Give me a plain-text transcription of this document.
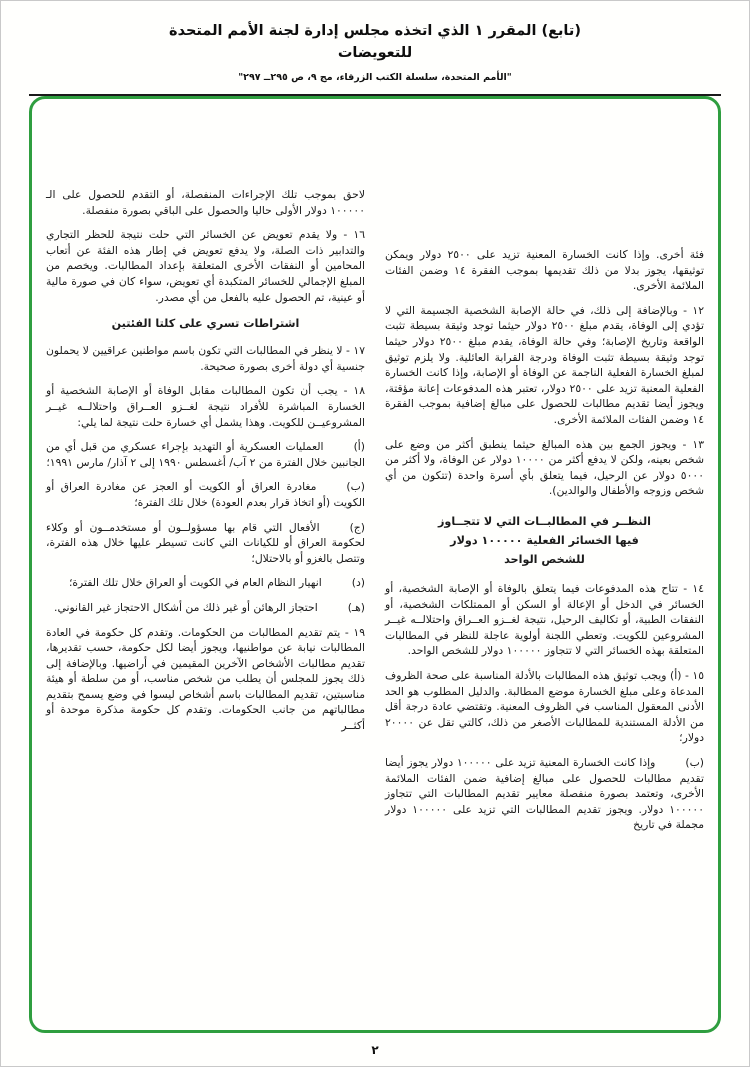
(تابع) المقرر ١ الذي اتخذه مجلس إدارة لجنة الأمم المتحدة للتعويضات
"الأمم المتحدة، سلسلة الكتب الزرقاء، مج ٩، ص ٢٩٥ــ ٢٩٧"

فئة أخرى. وإذا كانت الخسارة المعنية تزيد على ٢٥٠٠ دولار ويمكن توثيقها، يجوز بدلا من ذلك تقديمها بموجب الفقرة ١٤ وضمن الفئات الملائمة الأخرى.

١٢ - وبالإضافة إلى ذلك، في حالة الإصابة الشخصية الجسيمة التي لا تؤدي إلى الوفاة، يقدم مبلغ ٢٥٠٠ دولار حيثما توجد وثيقة بسيطة تثبت الواقعة وتاريخ الإصابة؛ وفي حالة الوفاة، يقدم مبلغ ٢٥٠٠ دولار حيثما توجد وثيقة بسيطة تثبت الوفاة ودرجة القرابة العائلية. ولا يلزم توثيق لمبلغ الخسارة الفعلية الناجمة عن الوفاة أو الإصابة، وإذا كانت الخسارة الفعلية المعنية تزيد على ٢٥٠٠ دولار، تعتبر هذه المدفوعات إعانة مؤقتة، ويجوز أيضا تقديم مطالبات للحصول على مبالغ إضافية بموجب الفقرة ١٤ وضمن الفئات الملائمة الأخرى.

١٣ - ويجوز الجمع بين هذه المبالغ حيثما ينطبق أكثر من وضع على شخص بعينه، ولكن لا يدفع أكثر من ١٠٠٠٠ دولار عن الوفاة، ولا أكثر من ٥٠٠٠ دولار عن الرحيل، فيما يتعلق بأي أسرة واحدة (تتكون من أي شخص وزوجه والأطفال والوالدين).

النظــر في المطالبــات التي لا تتجــاوز فيها الخسائر الفعلية ١٠٠٠٠٠ دولار للشخص الواحد

١٤ - تتاح هذه المدفوعات فيما يتعلق بالوفاة أو الإصابة الشخصية، أو الخسائر في الدخل أو الإعالة أو السكن أو الممتلكات الشخصية، أو النفقات الطبية، أو تكاليف الرحيل، نتيجة لغــزو العــراق واحتلالــه غيــر المشروعين للكويت. وتعطي اللجنة أولوية عاجلة للنظر في المطالبات المتعلقة بهذه الخسائر التي لا تتجاوز ١٠٠٠٠٠ دولار للشخص الواحد.

١٥ - (أ) ويجب توثيق هذه المطالبات بالأدلة المناسبة على صحة الظروف المدعاة وعلى مبلغ الخسارة موضع المطالبة. والدليل المطلوب هو الحد الأدنى المعقول المناسب في الظروف المعنية. وتقتضي عادة درجة أقل من الأدلة المستندية للمطالبات الأصغر من ذلك، كالتي تقل عن ٢٠٠٠٠ دولار؛

(ب)وإذا كانت الخسارة المعنية تزيد على ١٠٠٠٠٠ دولار يجوز أيضا تقديم مطالبات للحصول على مبالغ إضافية ضمن الفئات الملائمة الأخرى، وتعتمد بصورة منفصلة معايير تقديم المطالبات التي تتجاوز ١٠٠٠٠٠ دولار. ويجوز تقديم المطالبات التي تزيد على ١٠٠٠٠٠ دولار مجملة في تاريخ

لاحق بموجب تلك الإجراءات المنفصلة، أو التقدم للحصول على الـ ١٠٠٠٠٠ دولار الأولى حاليا والحصول على الباقي بصورة منفصلة.

١٦ - ولا يقدم تعويض عن الخسائر التي حلت نتيجة للحظر التجاري والتدابير ذات الصلة، ولا يدفع تعويض في إطار هذه الفئة عن أتعاب المحامين أو النفقات الأخرى المتعلقة بإعداد المطالبات. ويخصم من المبلغ الإجمالي للخسائر المتكبدة أي تعويض، سواء كان في صورة مالية أو عينية، تم الحصول عليه بالفعل من أي مصدر.

اشتراطات تسري على كلتا الفئتين

١٧ - لا ينظر في المطالبات التي تكون باسم مواطنين عراقيين لا يحملون جنسية أي دولة أخرى بصورة صحيحة.

١٨ - يجب أن تكون المطالبات مقابل الوفاة أو الإصابة الشخصية أو الخسارة المباشرة للأفراد نتيجة لغــزو العــراق واحتلالــه غيــر المشروعيــن للكويت. وهذا يشمل أي خسارة حلت نتيجة لما يلي:

(أ)العمليات العسكرية أو التهديد بإجراء عسكري من قبل أي من الجانبين خلال الفترة من ٢ آب/ أغسطس ١٩٩٠ إلى ٢ آذار/ مارس ١٩٩١؛

(ب)مغادرة العراق أو الكويت أو العجز عن مغادرة العراق أو الكويت (أو اتخاذ قرار بعدم العودة) خلال تلك الفترة؛

(ج)الأفعال التي قام بها مسؤولــون أو مستخدمــون أو وكلاء لحكومة العراق أو للكيانات التي كانت تسيطر عليها خلال هذه الفترة، وتتصل بالغزو أو بالاحتلال؛

(د)انهيار النظام العام في الكويت أو العراق خلال تلك الفترة؛

(هـ)احتجاز الرهائن أو غير ذلك من أشكال الاحتجاز غير القانوني.

١٩ - يتم تقديم المطالبات من الحكومات. وتقدم كل حكومة في العادة المطالبات نيابة عن مواطنيها، ويجوز أيضا لكل حكومة، حسب تقديرها، تقديم مطالبات الأشخاص الآخرين المقيمين في أراضيها. وبالإضافة إلى ذلك يجوز للمجلس أن يطلب من شخص مناسب، أو من سلطة أو هيئة مناسبتين، تقديم المطالبات باسم أشخاص ليسوا في وضع يسمح بتقديم مطالباتهم من جانب الحكومات. وتقدم كل حكومة مذكرة موحدة أو أكثــر

٢
